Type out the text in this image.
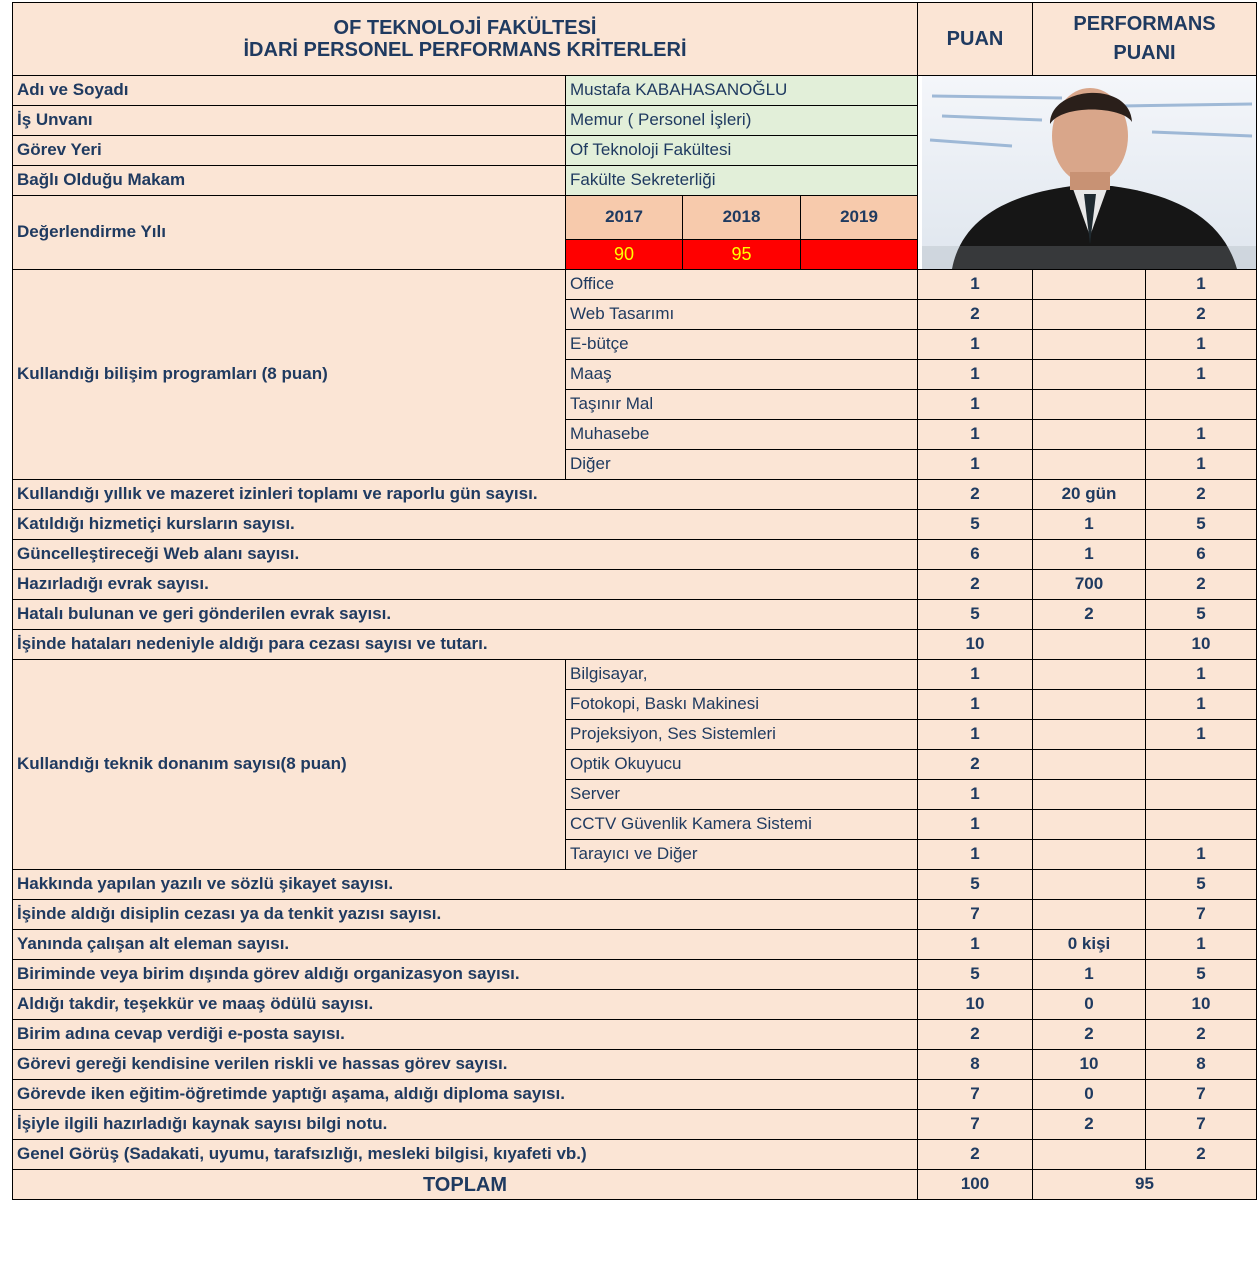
OF TEKNOLOJİ FAKÜLTESİ
İDARİ PERSONEL PERFORMANS KRİTERLERİ				PUAN	PERFORMANS
PUANI	
Adı ve Soyadı	Mustafa KABAHASANOĞLU	

İş Unvanı	Memur ( Personel İşleri)					
Görev Yeri	Of Teknoloji Fakültesi					
Bağlı Olduğu Makam	Fakülte Sekreterliği					
Değerlendirme Yılı	2017	2018	2019			
	90	95				
Kullandığı bilişim programları (8 puan)	Office			1		1
	Web Tasarımı			2		2
	E-bütçe			1		1
	Maaş			1		1
	Taşınır Mal			1		
	Muhasebe			1		1
	Diğer			1		1
Kullandığı yıllık ve mazeret izinleri toplamı ve raporlu gün sayısı.				2	20 gün	2
Katıldığı hizmetiçi kursların sayısı.				5	1	5
Güncelleştireceği Web alanı sayısı.				6	1	6
Hazırladığı evrak sayısı.				2	700	2
Hatalı bulunan ve geri gönderilen evrak sayısı.				5	2	5
İşinde hataları nedeniyle aldığı para cezası sayısı ve tutarı.				10		10
Kullandığı teknik donanım sayısı(8 puan)	Bilgisayar,			1		1
	Fotokopi, Baskı Makinesi			1		1
	Projeksiyon, Ses Sistemleri			1		1
	Optik Okuyucu			2		
	Server			1		
	CCTV Güvenlik Kamera Sistemi			1		
	Tarayıcı ve Diğer			1		1
Hakkında yapılan yazılı ve sözlü şikayet sayısı.				5		5
İşinde aldığı disiplin cezası ya da tenkit yazısı sayısı.				7		7
Yanında çalışan alt eleman sayısı.				1	0 kişi	1
Biriminde veya birim dışında görev aldığı organizasyon sayısı.				5	1	5
Aldığı takdir, teşekkür ve maaş ödülü sayısı.				10	0	10
Birim adına cevap verdiği e-posta sayısı.				2	2	2
Görevi gereği kendisine verilen riskli ve hassas görev sayısı.				8	10	8
Görevde iken eğitim-öğretimde yaptığı aşama, aldığı diploma sayısı.				7	0	7
İşiyle ilgili hazırladığı kaynak sayısı bilgi notu.				7	2	7
Genel Görüş (Sadakati, uyumu, tarafsızlığı, mesleki bilgisi, kıyafeti vb.)				2		2
TOPLAM				100	95	
